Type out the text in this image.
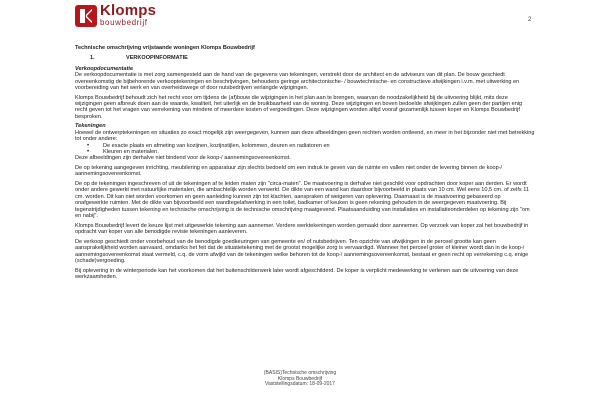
Klomps
bouwbedrijf	2

Technische omschrijving vrijstaande woningen Klomps Bouwbedrijf

1.	VERKOOPINFORMATIE

Verkoopdocumentatie

De verkoopdocumentatie is met zorg samengesteld aan de hand van de gegevens van tekeningen, verstrekt door de architect en de adviseurs van dit plan. De bouw geschiedt overeenkomstig de bijbehorende verkooptekeningen en beschrijvingen, behoudens geringe architectonische- / bouwtechnische- en constructieve afwijkingen i.v.m. met uitwerking en voorbereiding van het werk en van overheidswege of door nutsbedrijven verlangde wijzigingen.

Klomps Bouwbedrijf behoudt zich het recht voor om tijdens de (af)bouw die wijzigingen in het plan aan te brengen, waarvan de noodzakelijkheid bij de uitvoering blijkt, mits deze wijzigingen geen afbreuk doen aan de waarde, kwaliteit, het uiterlijk en de bruikbaarheid van de woning. Deze wijzigingen en boven bedoelde afwijkingen zullen geen der partijen enig recht geven tot het vragen van verrekening van mindere of meerdere kosten of vergoedingen. Deze wijzigingen worden altijd vooraf gezamenlijk tussen koper en Klomps Bouwbedrijf besproken.

Tekeningen

Hoewel de ontwerptekeningen en situaties zo exact mogelijk zijn weergegeven, kunnen aan deze afbeeldingen geen rechten worden ontleend, en meer in het bijzonder niet met betrekking tot onder andere:

• De exacte plaats en afmeting van kozijnen, kozijnstijlen, kolommen, deuren en radiatoren en
• Kleuren en materialen.

Deze afbeeldingen zijn derhalve niet bindend voor de koop-/ aannemingsovereenkomst.

De op tekening aangegeven inrichting, meubilering en apparatuur zijn slechts bedoeld om een indruk te geven van de ruimte en vallen niet onder de levering binnen de koop-/ aannemingsovereenkomst.

De op de tekeningen ingeschreven of uit de tekeningen af te leiden maten zijn "circa-maten". De maatvoering is derhalve niet geschikt voor opdrachten door koper aan derden. Er wordt onder andere gewerkt met natuurlijke materialen, die ambachtelijk worden verwerkt. De dikte van een wand kan daardoor bijvoorbeeld in plaats van 10 cm. Wel eens 10,5 cm. of zelfs 11 cm. worden. Dit kan niet worden voorkomen en geen aanleiding kunnen zijn tot klachten, aanspraken of weigeren van oplevering. Daarnaast is de maatvoering gebaseerd op onafgewerkte ruimten. Met de dikte van bijvoorbeeld een wandtegelafwerking in een toilet, badkamer of keuken is geen rekening gehouden in de weergegeven maatvoering. Bij tegenstrijdigheden tussen tekening en technische omschrijving is de technische omschrijving maatgevend. Plaatsaanduiding van installaties en installatieonderdelen op tekening zijn "om en nabij".

Klomps Bouwbedrijf levert de keuze lijst met uitgewerkte tekening aan aannemer. Verdere werktekeningen worden gemaakt door aannemer. Op verzoek van koper zal het bouwbedrijf in opdracht van koper van alle benodigde revisie tekeningen aanleveren.

De verkoop geschiedt onder voorbehoud van de benodigde goedkeuringen van gemeente en/ of nutsbedrijven. Ten opzichte van afwijkingen in de perceel grootte kan geen aansprakelijkheid worden aanvaard, omdanks het feit dat de situatietekening met de grootst mogelijke zorg is vervaardigd. Wanneer het perceel groter of kleiner wordt dan in de koop-/ aannemingsovereenkomst staat vermeld, c.q. de vorm afwijkt van de tekeningen welke behoren tot de koop-/ aannemingsovereenkomst, bestaat er geen recht op verrekening c.q. enige (schade)vergoeding.

Bij oplevering in de winterperiode kan het voorkomen dat het buitenschilderwerk later wordt afgeschilderd. De koper is verplicht medewerking te verlenen aan de uitvoering van deze werkzaamheden.

(BASIS)Technische omschrijving
Klomps Bouwbedrijf
Vaststellingsdatum: 18-09-2017
